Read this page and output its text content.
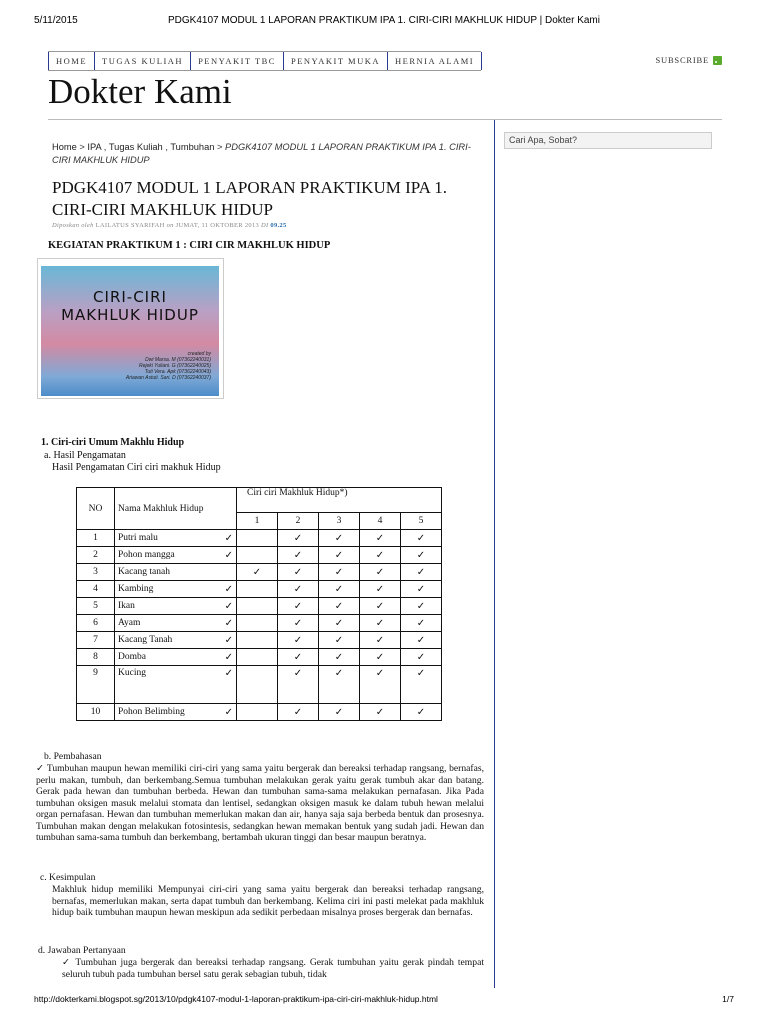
5/11/2015	PDGK4107 MODUL 1 LAPORAN PRAKTIKUM IPA 1. CIRI-CIRI MAKHLUK HIDUP | Dokter Kami
HOME	TUGAS KULIAH	PENYAKIT TBC	PENYAKIT MUKA	HERNIA ALAMI	SUBSCRIBE
Dokter Kami
Cari Apa, Sobat?
Home > IPA , Tugas Kuliah , Tumbuhan > PDGK4107 MODUL 1 LAPORAN PRAKTIKUM IPA 1. CIRI-CIRI MAKHLUK HIDUP
PDGK4107 MODUL 1 LAPORAN PRAKTIKUM IPA 1. CIRI-CIRI MAKHLUK HIDUP
Diposkan oleh LAILATUS SYARIFAH on JUMAT, 11 OKTOBER 2013 DI 09.25
KEGIATAN PRAKTIKUM 1 : CIRI CIR MAKHLUK HIDUP
CIRI-CIRI
MAKHLUK HIDUP
created by
Dwi Marsa. M (07362240031)
Rejeki Yuliani. G (07362240025)
Tuti Vera. Apk (07362240043)
Ariawan Astuti. Sari. D (07362240037)
1. Ciri-ciri Umum Makhlu Hidup
a. Hasil Pengamatan
Hasil Pengamatan Ciri ciri makhuk Hidup
NO	Nama Makhluk Hidup	Ciri ciri Makhluk Hidup*)				
		1	2	3	4	5
1	Putri malu ✓		✓	✓	✓	✓
2	Pohon mangga ✓		✓	✓	✓	✓
3	Kacang tanah	✓	✓	✓	✓	✓
4	Kambing ✓		✓	✓	✓	✓
5	Ikan ✓		✓	✓	✓	✓
6	Ayam ✓		✓	✓	✓	✓
7	Kacang Tanah ✓		✓	✓	✓	✓
8	Domba ✓		✓	✓	✓	✓
9	Kucing ✓		✓	✓	✓	✓
10	Pohon Belimbing ✓		✓	✓	✓	✓
b. Pembahasan
✓ Tumbuhan maupun hewan memiliki ciri-ciri yang sama yaitu bergerak dan bereaksi terhadap rangsang, bernafas, perlu makan, tumbuh, dan berkembang.Semua tumbuhan melakukan gerak yaitu gerak tumbuh akar dan batang. Gerak pada hewan dan tumbuhan berbeda. Hewan dan tumbuhan sama-sama melakukan pernafasan. Jika Pada tumbuhan oksigen masuk melalui stomata dan lentisel, sedangkan oksigen masuk ke dalam tubuh hewan melalui organ pernafasan. Hewan dan tumbuhan memerlukan makan dan air, hanya saja saja berbeda bentuk dan prosesnya. Tumbuhan makan dengan melakukan fotosintesis, sedangkan hewan memakan bentuk yang sudah jadi. Hewan dan tumbuhan sama-sama tumbuh dan berkembang, bertambah ukuran tinggi dan besar maupun beratnya.
c. Kesimpulan
Makhluk hidup memiliki Mempunyai ciri-ciri yang sama yaitu bergerak dan bereaksi terhadap rangsang, bernafas, memerlukan makan, serta dapat tumbuh dan berkembang. Kelima ciri ini pasti melekat pada makhluk hidup baik tumbuhan maupun hewan meskipun ada sedikit perbedaan misalnya proses bergerak dan bernafas.
d. Jawaban Pertanyaan
✓ Tumbuhan juga bergerak dan bereaksi terhadap rangsang. Gerak tumbuhan yaitu gerak pindah tempat seluruh tubuh pada tumbuhan bersel satu gerak sebagian tubuh, tidak
http://dokterkami.blogspot.sg/2013/10/pdgk4107-modul-1-laporan-praktikum-ipa-ciri-ciri-makhluk-hidup.html	1/7
